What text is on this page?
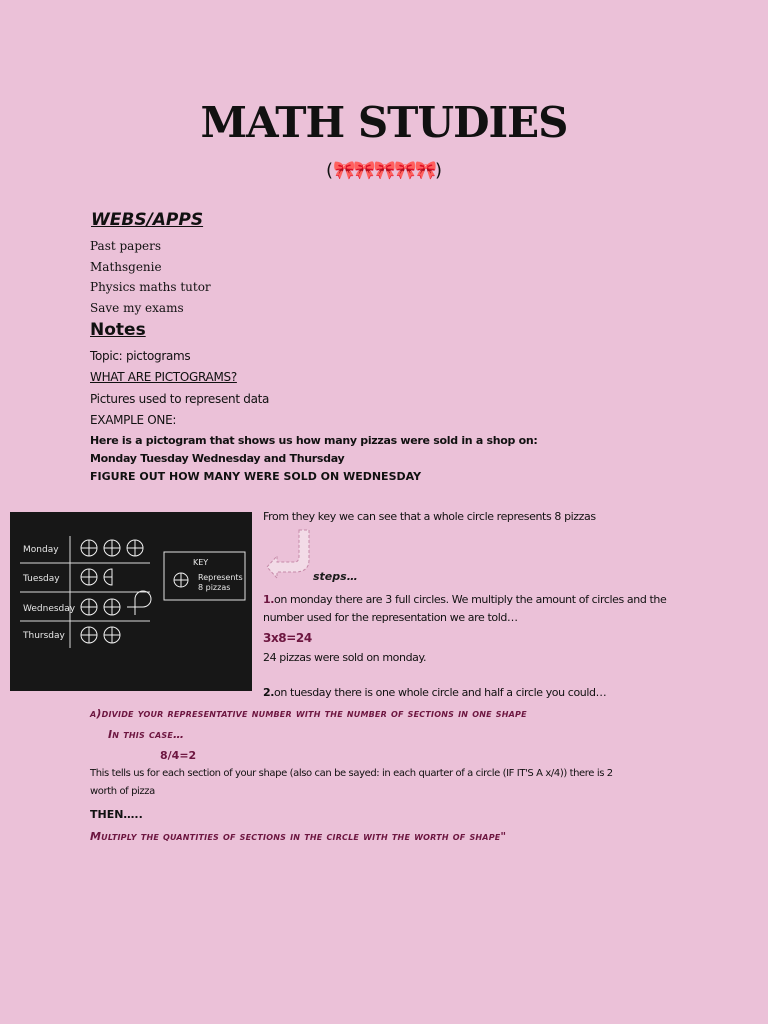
MATH STUDIES
(🎀🎀🎀🎀🎀)
WEBS/APPS
Past papers
Mathsgenie
Physics maths tutor
Save my exams
Notes
Topic: pictograms
WHAT ARE PICTOGRAMS?
Pictures used to represent data
EXAMPLE ONE:
Here is a pictogram that shows us how many pizzas were sold in a shop on:
Monday Tuesday Wednesday and Thursday
FIGURE OUT HOW MANY WERE SOLD ON WEDNESDAY
Monday
Tuesday
Wednesday
Thursday
KEY
Represents
8 pizzas
From they key we can see that a whole circle represents 8 pizzas
steps…
1.on monday there are 3 full circles. We multiply the amount of circles and the
number used for the representation we are told…
3x8=24
24 pizzas were sold on monday.
2.on tuesday there is one whole circle and half a circle you could…
a)divide your representative number with the number of sections in one shape
In this case…
8/4=2
This tells us for each section of your shape (also can be sayed: in each quarter of a circle (IF IT'S A x/4)) there is 2
worth of pizza
THEN…..
Multiply the quantities of sections in the circle with the worth of shape"
